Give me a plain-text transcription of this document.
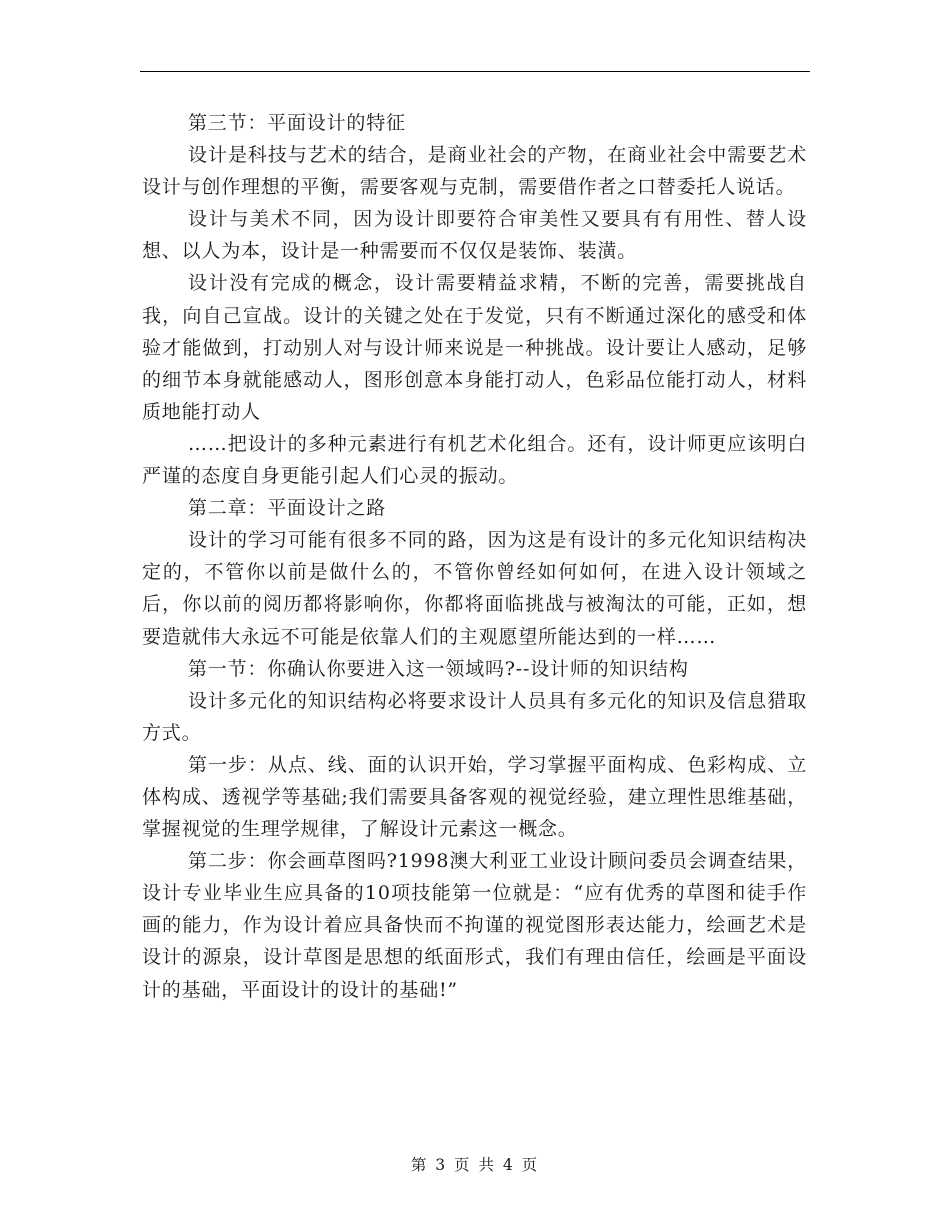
第三节：平面设计的特征

设计是科技与艺术的结合，是商业社会的产物，在商业社会中需要艺术设计与创作理想的平衡，需要客观与克制，需要借作者之口替委托人说话。

设计与美术不同，因为设计即要符合审美性又要具有有用性、替人设想、以人为本，设计是一种需要而不仅仅是装饰、装潢。

设计没有完成的概念，设计需要精益求精，不断的完善，需要挑战自我，向自己宣战。设计的关键之处在于发觉，只有不断通过深化的感受和体验才能做到，打动别人对与设计师来说是一种挑战。设计要让人感动，足够的细节本身就能感动人，图形创意本身能打动人，色彩品位能打动人，材料质地能打动人

……把设计的多种元素进行有机艺术化组合。还有，设计师更应该明白严谨的态度自身更能引起人们心灵的振动。

第二章：平面设计之路

设计的学习可能有很多不同的路，因为这是有设计的多元化知识结构决定的，不管你以前是做什么的，不管你曾经如何如何，在进入设计领域之后，你以前的阅历都将影响你，你都将面临挑战与被淘汰的可能，正如，想要造就伟大永远不可能是依靠人们的主观愿望所能达到的一样……

第一节：你确认你要进入这一领域吗?--设计师的知识结构

设计多元化的知识结构必将要求设计人员具有多元化的知识及信息猎取方式。

第一步：从点、线、面的认识开始，学习掌握平面构成、色彩构成、立体构成、透视学等基础;我们需要具备客观的视觉经验，建立理性思维基础，掌握视觉的生理学规律，了解设计元素这一概念。

第二步：你会画草图吗?1998澳大利亚工业设计顾问委员会调查结果，设计专业毕业生应具备的10项技能第一位就是：“应有优秀的草图和徒手作画的能力，作为设计着应具备快而不拘谨的视觉图形表达能力，绘画艺术是设计的源泉，设计草图是思想的纸面形式，我们有理由信任，绘画是平面设计的基础，平面设计的设计的基础!”

第 3 页 共 4 页
